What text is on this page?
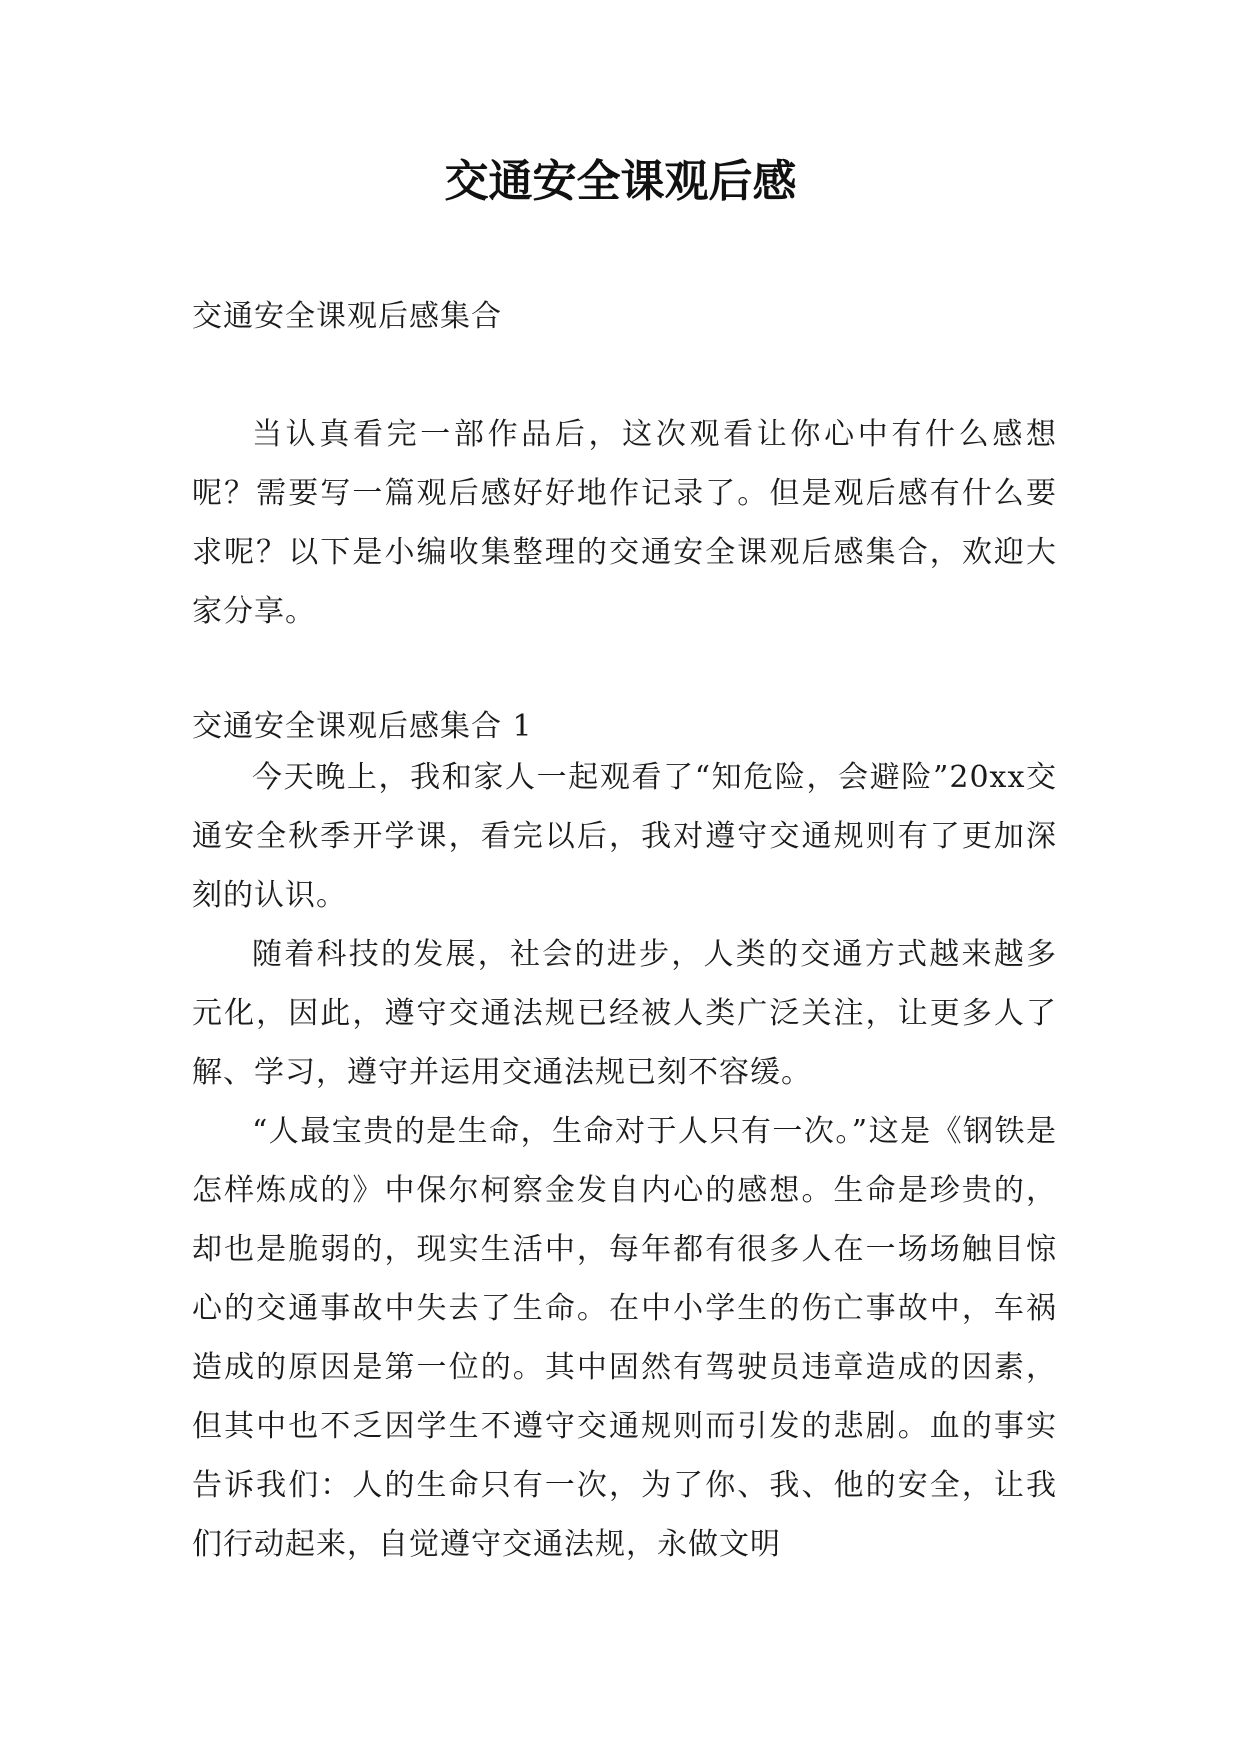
交通安全课观后感
交通安全课观后感集合

当认真看完一部作品后，这次观看让你心中有什么感想呢？需要写一篇观后感好好地作记录了。但是观后感有什么要求呢？以下是小编收集整理的交通安全课观后感集合，欢迎大家分享。

交通安全课观后感集合 1

今天晚上，我和家人一起观看了“知危险，会避险”20xx交通安全秋季开学课，看完以后，我对遵守交通规则有了更加深刻的认识。

随着科技的发展，社会的进步，人类的交通方式越来越多元化，因此，遵守交通法规已经被人类广泛关注，让更多人了解、学习，遵守并运用交通法规已刻不容缓。

“人最宝贵的是生命，生命对于人只有一次。”这是《钢铁是怎样炼成的》中保尔柯察金发自内心的感想。生命是珍贵的，却也是脆弱的，现实生活中，每年都有很多人在一场场触目惊心的交通事故中失去了生命。在中小学生的伤亡事故中，车祸造成的原因是第一位的。其中固然有驾驶员违章造成的因素，但其中也不乏因学生不遵守交通规则而引发的悲剧。血的事实告诉我们：人的生命只有一次，为了你、我、他的安全，让我们行动起来，自觉遵守交通法规，永做文明
